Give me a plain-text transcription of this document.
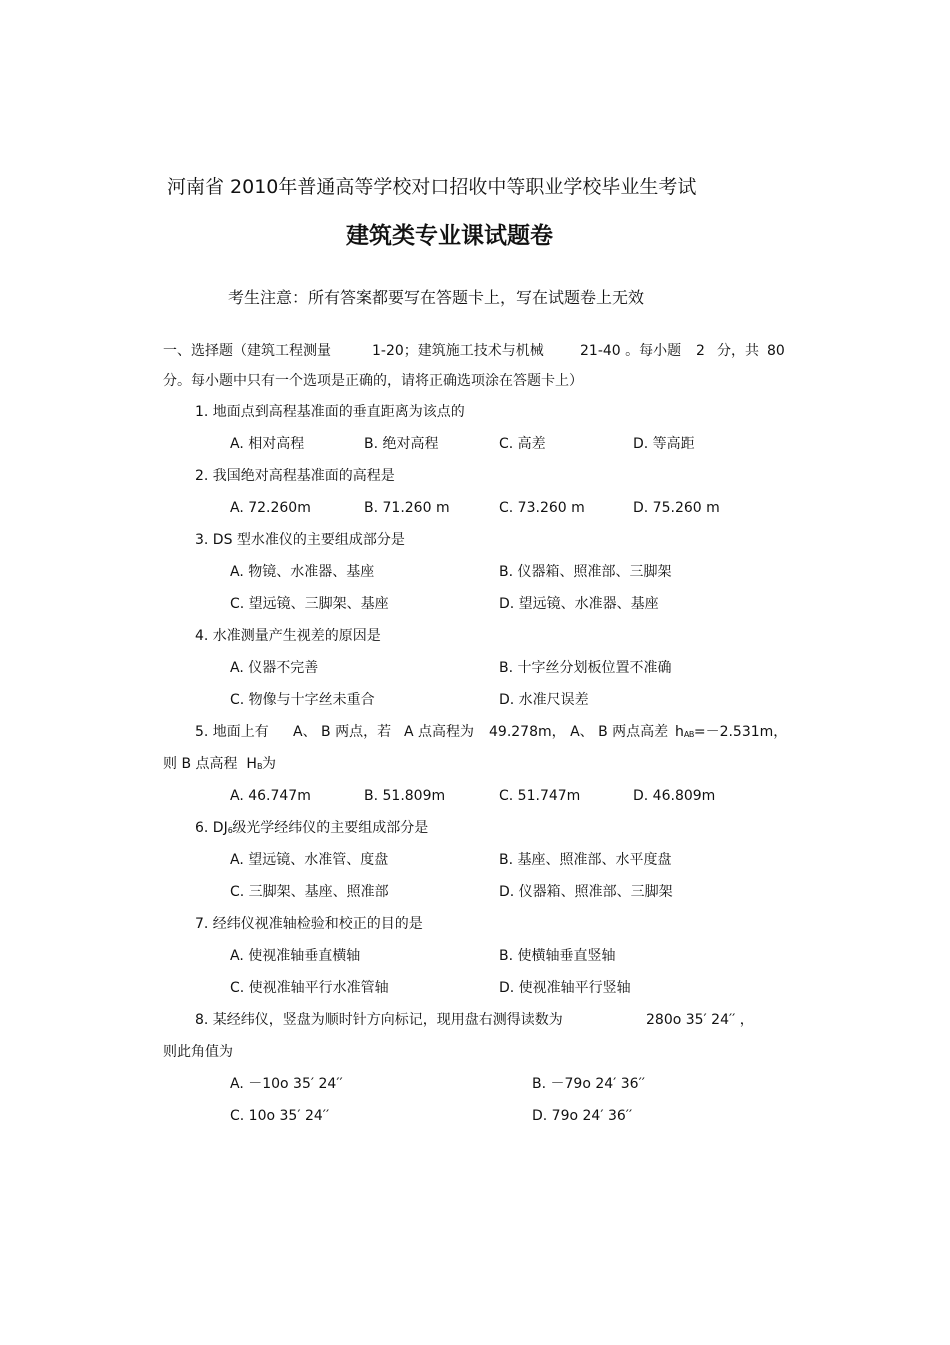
河南省 2010年普通高等学校对口招收中等职业学校毕业生考试
建筑类专业课试题卷
考生注意：所有答案都要写在答题卡上，写在试题卷上无效
一、选择题（建筑工程测量	1-20；建筑施工技术与机械	21-40 。每小题 2 分，共 80
分。每小题中只有一个选项是正确的，请将正确选项涂在答题卡上）
1. 地面点到高程基准面的垂直距离为该点的
A. 相对高程	B. 绝对高程	C. 高差	D. 等高距
2. 我国绝对高程基准面的高程是
A. 72.260m	B. 71.260 m	C. 73.260 m	D. 75.260 m
3. DS 型水准仪的主要组成部分是
A. 物镜、水准器、基座	B. 仪器箱、照准部、三脚架
C. 望远镜、三脚架、基座	D. 望远镜、水准器、基座
4. 水准测量产生视差的原因是
A. 仪器不完善	B. 十字丝分划板位置不准确
C. 物像与十字丝未重合	D. 水准尺误差
5. 地面上有 A、 B 两点，若 A 点高程为 49.278m， A、 B 两点高差 hAB=－2.531m，
则 B 点高程 HB为
A. 46.747m	B. 51.809m	C. 51.747m	D. 46.809m
6. DJ6级光学经纬仪的主要组成部分是
A. 望远镜、水准管、度盘	B. 基座、照准部、水平度盘
C. 三脚架、基座、照准部	D. 仪器箱、照准部、三脚架
7. 经纬仪视准轴检验和校正的目的是
A. 使视准轴垂直横轴	B. 使横轴垂直竖轴
C. 使视准轴平行水准管轴	D. 使视准轴平行竖轴
8. 某经纬仪，竖盘为顺时针方向标记，现用盘右测得读数为	280o 35′ 24′′ ，
则此角值为
A. －10o 35′ 24′′	B. －79o 24′ 36′′
C. 10o 35′ 24′′	D. 79o 24′ 36′′
